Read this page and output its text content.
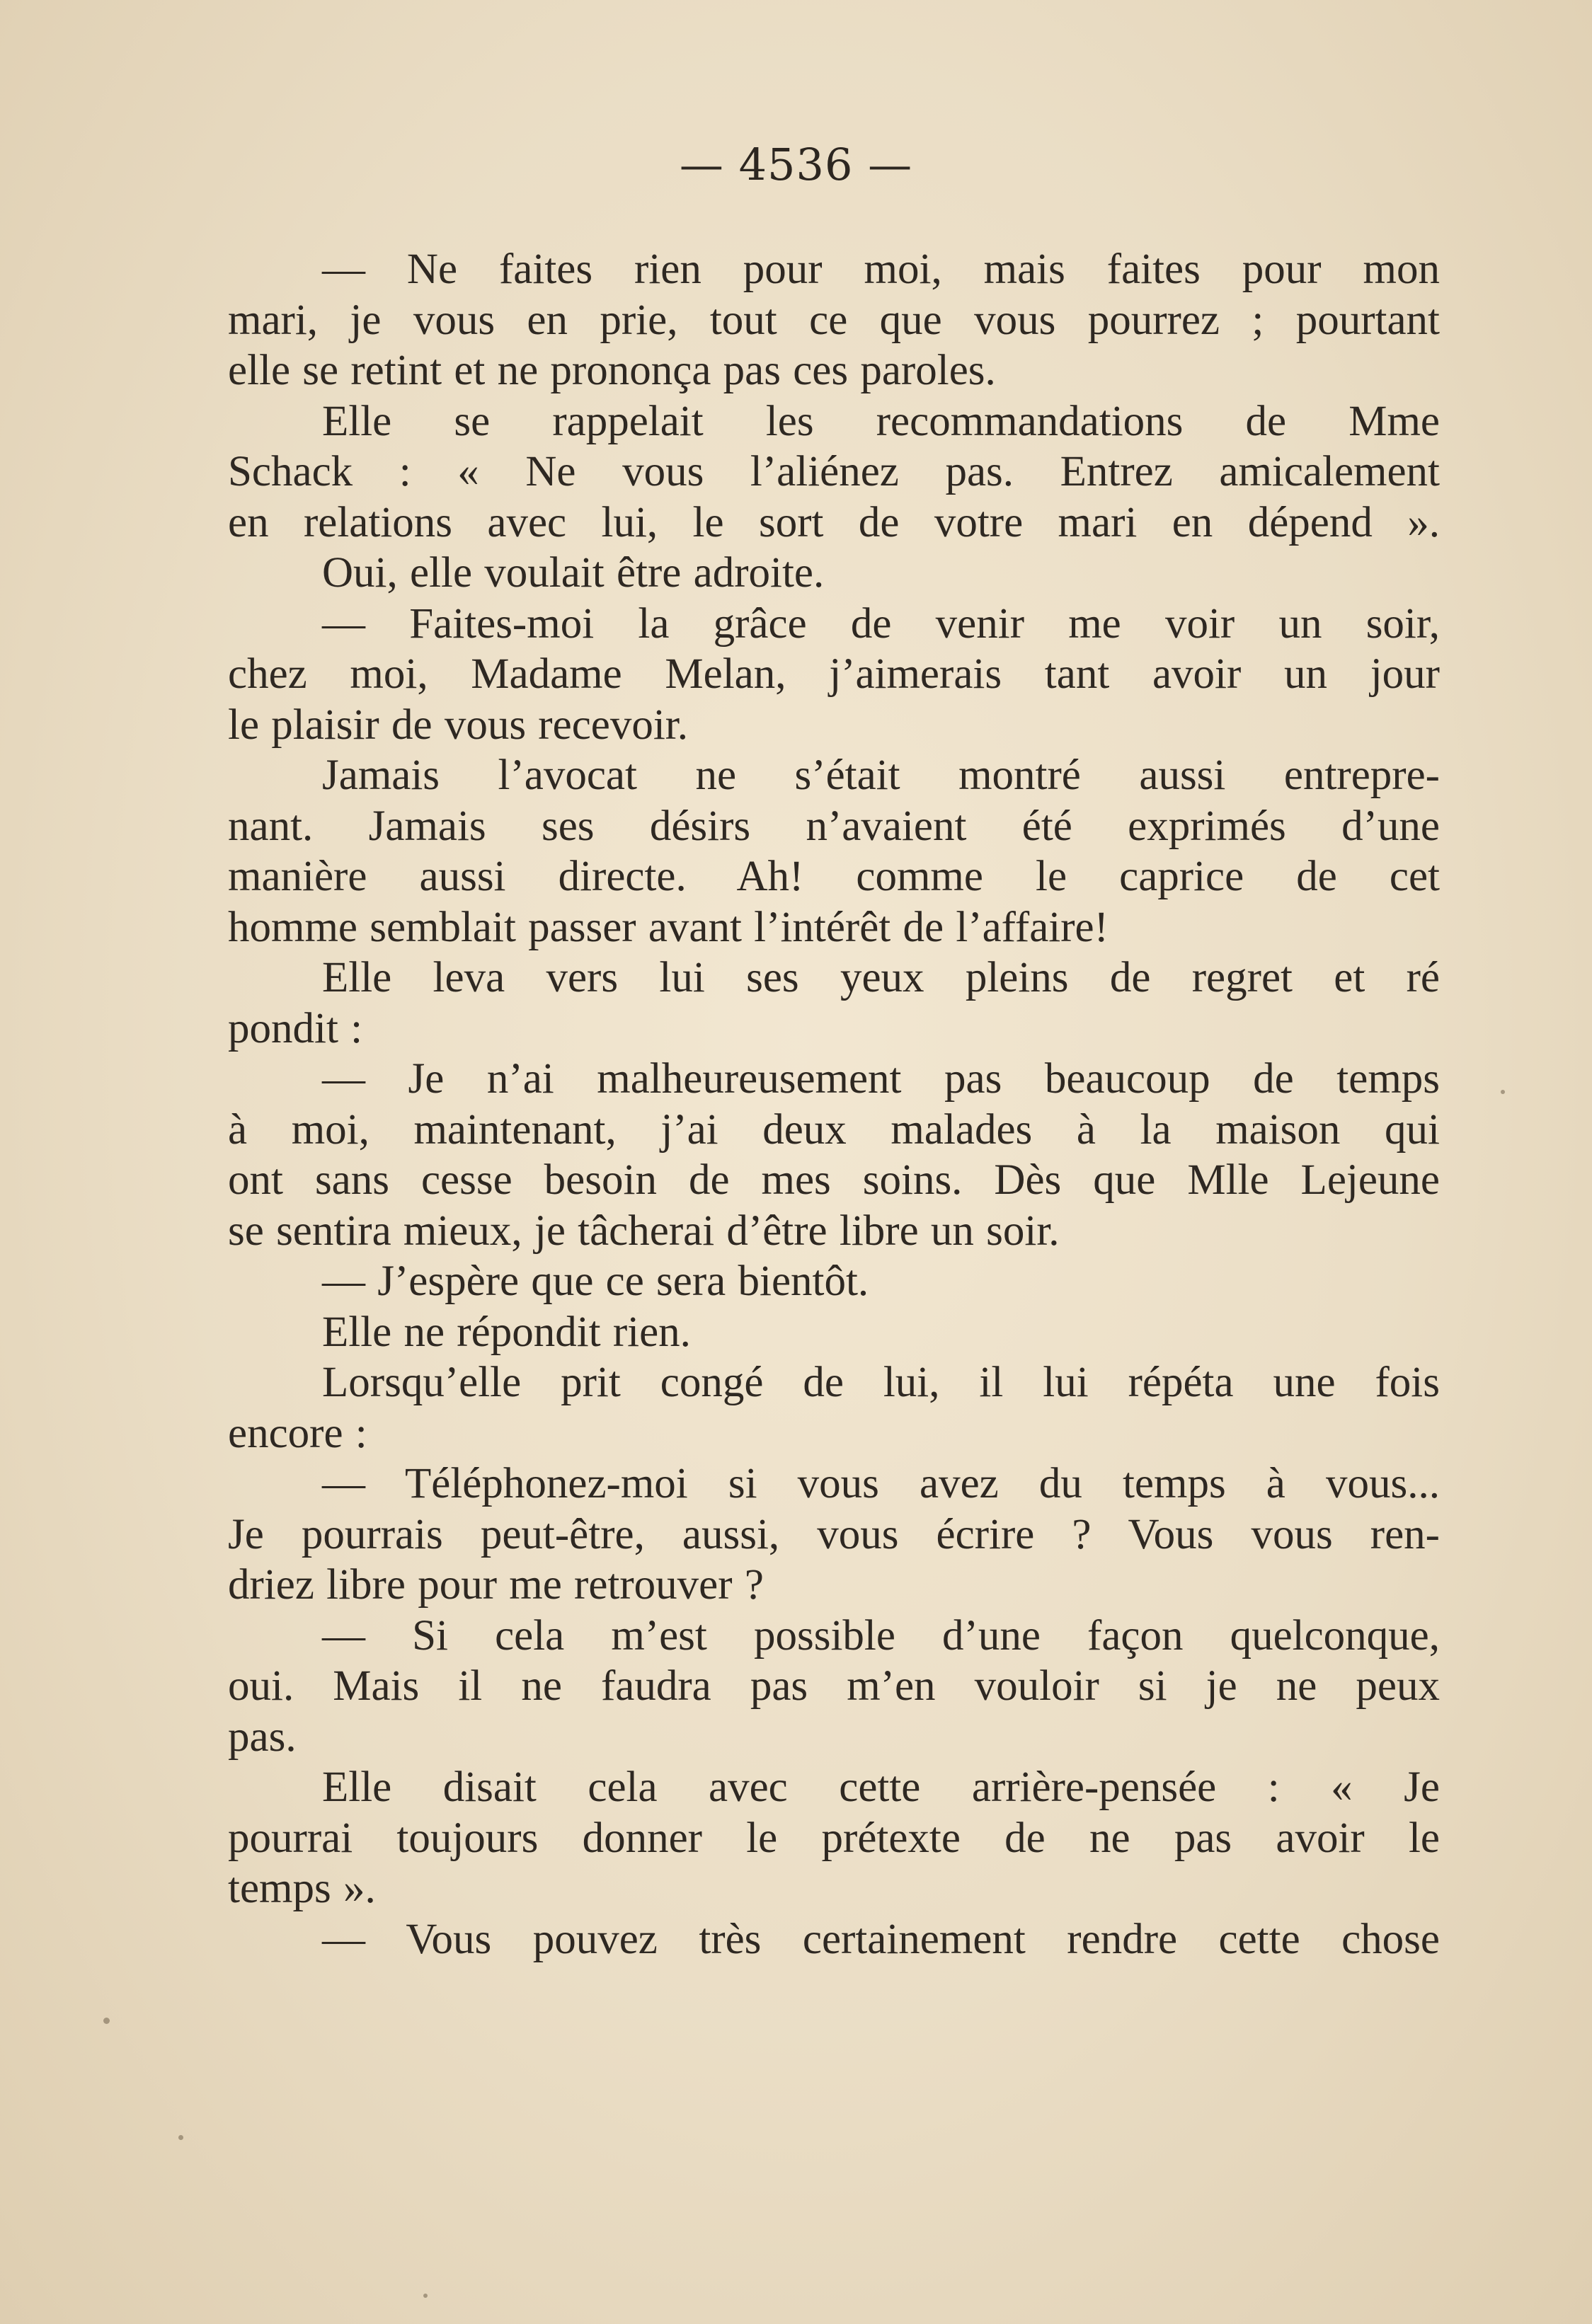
— 4536 —
— Ne faites rien pour moi, mais faites pour mon
mari, je vous en prie, tout ce que vous pourrez ; pourtant
elle se retint et ne prononça pas ces paroles.
Elle se rappelait les recommandations de Mme
Schack : « Ne vous l’aliénez pas. Entrez amicalement
en relations avec lui, le sort de votre mari en dépend ».
Oui, elle voulait être adroite.
— Faites-moi la grâce de venir me voir un soir,
chez moi, Madame Melan, j’aimerais tant avoir un jour
le plaisir de vous recevoir.
Jamais l’avocat ne s’était montré aussi entrepre-
nant. Jamais ses désirs n’avaient été exprimés d’une
manière aussi directe. Ah! comme le caprice de cet
homme semblait passer avant l’intérêt de l’affaire!
Elle leva vers lui ses yeux pleins de regret et ré
pondit :
— Je n’ai malheureusement pas beaucoup de temps
à moi, maintenant, j’ai deux malades à la maison qui
ont sans cesse besoin de mes soins. Dès que Mlle Lejeune
se sentira mieux, je tâcherai d’être libre un soir.
— J’espère que ce sera bientôt.
Elle ne répondit rien.
Lorsqu’elle prit congé de lui, il lui répéta une fois
encore :
— Téléphonez-moi si vous avez du temps à vous...
Je pourrais peut-être, aussi, vous écrire ? Vous vous ren-
driez libre pour me retrouver ?
— Si cela m’est possible d’une façon quelconque,
oui. Mais il ne faudra pas m’en vouloir si je ne peux
pas.
Elle disait cela avec cette arrière-pensée : « Je
pourrai toujours donner le prétexte de ne pas avoir le
temps ».
— Vous pouvez très certainement rendre cette chose
